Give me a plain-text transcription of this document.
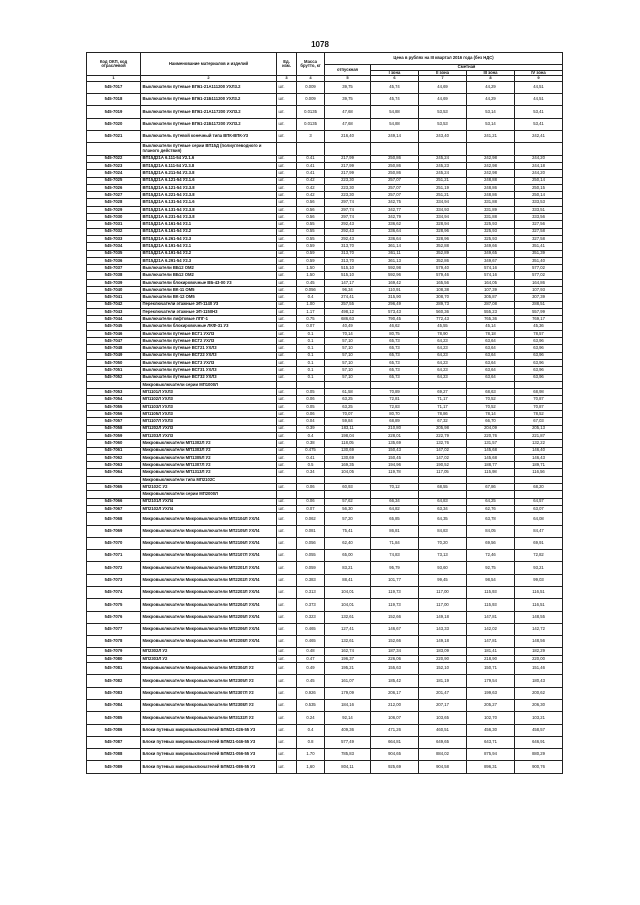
1078
Код ОКП, код отраслевой	Наименование материалов и изделий	Ед. изм.	Масса брутто, кг	Цена в рублях на III квартал 2016 года (без НДС)				
				отпускная	Сметная			
					I зона	II зона	III зона	IV зона
1	2	3	4	5	6	7	8	9
545-7017	Выключатели путевые ВП61-21А111200 УХЛ3.2	шт.	0.009	39,75	45,74	44,69	44,29	44,51
545-7018	Выключатели путевые ВП61-21Б111200 УХЛ3.2	шт.	0.009	39,75	45,74	44,69	44,29	44,51
545-7019	Выключатели путевые ВП61-21А117200 УХЛ3.2	шт.	0.0135	47,68	54,88	53,53	53,14	53,41
545-7020	Выключатели путевые ВП61-21Б117200 УХЛ3.2	шт.	0.0135	47,68	54,88	53,53	53,14	53,41
545-7021	Выключатель путевой конечный типа ВПК-ВПК-У3	шт.	3	216,40	249,14	243,40	241,21	242,41
	Выключатели путевые серии ВП15Д (полиуглеводного и планого действия)							
545-7022	ВП15Д21А 6.111-54 У2.1.6	шт.	0.41	217,99	250,86	245,24	242,98	244,20
545-7023	ВП15Д21А 6.111-54 У2.3.8	шт.	0.41	217,99	250,86	245,23	242,98	244,18
545-7024	ВП15Д21А 6.211-54 У2.3.8	шт.	0.41	217,99	250,86	245,24	242,98	244,20
545-7025	ВП15Д21А 6.121-54 У2.1.6	шт.	0.42	223,30	257,07	251,21	248,88	250,14
545-7026	ВП15Д21А 6.121-54 У2.3.8	шт.	0.42	223,30	257,07	251,19	248,86	250,15
545-7027	ВП15Д21А 6.221-54 У2.3.8	шт.	0.42	223,30	257,07	251,21	248,86	250,14
545-7028	ВП15Д21А 6.131-54 У2.1.6	шт.	0.56	297,74	342,75	334,94	331,88	333,53
545-7029	ВП15Д21А 6.131-54 У2.3.8	шт.	0.56	297,74	342,77	334,93	331,89	333,51
545-7030	ВП15Д21А 6.231-54 У2.3.8	шт.	0.56	297,74	342,79	334,94	331,88	333,56
545-7031	ВП15Д21А 6.161-54 У2.1	шт.	0.55	292,43	336,62	328,94	325,93	327,56
545-7032	ВП15Д21А 6.161-54 У2.2	шт.	0.55	292,43	336,64	328,96	325,93	327,58
545-7033	ВП15Д21А 6.261-54 У2.3	шт.	0.55	292,43	336,64	328,96	325,93	327,58
545-7034	ВП15Д21А 6.191-54 У2.1	шт.	0.59	313,70	361,14	352,88	349,66	351,41
545-7035	ВП15Д21А 6.191-54 У2.2	шт.	0.59	313,70	361,11	352,89	349,65	351,39
545-7036	ВП15Д21А 6.291-54 У2.3	шт.	0.59	313,70	361,13	352,86	349,67	351,40
545-7037	Выключатели ВБ12 ОМ2	шт.	1.50	515,10	592,98	579,40	574,16	577,02
545-7038	Выключатели ВБ12 ОМ2	шт.	1.50	515,10	592,96	579,46	574,16	577,02
545-7039	Выключатели блокировочные ВБ-43-00 У3	шт.	0.45	147,17	169,42	165,56	164,05	164,86
545-7040	Выключатели ВК-11 ОМ5	шт.	0.056	96,34	110,91	108,38	107,39	107,93
545-7041	Выключатели ВК-12 ОМ5	шт.	0.4	274,41	315,90	308,70	305,87	307,39
545-7042	Переключатели этажные ЭП-1140 У3	шт.	1.00	257,55	296,49	289,73	287,08	288,51
545-7043	Переключатели этажные ЭП-1150Н3	шт.	1.17	498,12	573,43	560,36	555,23	557,99
545-7044	Выключатели лифтовые ЛПГ-1	шт.	0.75	686,63	790,45	772,43	765,36	769,17
545-7045	Выключатели блокировочные ЛКФ-31 У3	шт.	0.07	40,49	46,62	45,55	45,14	45,36
545-7046	Выключатели путевые ВСГ1 УХЛ3	шт.	0.1	70,14	80,75	78,90	78,18	78,57
545-7047	Выключатели путевые ВСГ2 УХЛ3	шт.	0.1	57,10	65,73	64,23	63,64	63,96
545-7048	Выключатели путевые ВСГ21 УХЛ3	шт.	0.1	57,10	65,73	64,23	63,64	63,96
545-7049	Выключатели путевые ВСГ22 УХЛ3	шт.	0.1	57,10	65,73	64,23	63,64	63,96
545-7050	Выключатели путевые ВСГ3 УХЛ3	шт.	0.1	57,10	65,73	64,23	63,64	63,96
545-7051	Выключатели путевые ВСГ31 УХЛ3	шт.	0.1	57,10	65,73	64,23	63,64	63,96
545-7052	Выключатели путевые ВСГ32 УХЛ3	шт.	0.1	57,10	65,73	64,23	63,64	63,96
	Микровыключатели серии МП1000Л							
545-7053	МП1101Л УХЛ3	шт.	0.05	61,58	70,89	69,27	68,63	68,98
545-7054	МП1102Л УХЛ3	шт.	0.06	63,25	72,81	71,17	70,52	70,87
545-7055	МП1103Л УХЛ3	шт.	0.05	63,25	72,83	71,17	70,52	70,87
545-7056	МП1105Л УХЛ3	шт.	0.06	70,07	80,70	78,86	78,14	78,52
545-7057	МП1107Л УХЛ3	шт.	0.04	59,84	68,89	67,32	66,70	67,03
545-7058	МП1202Л УХЛ3	шт.	0.39	183,11	210,80	205,98	204,09	205,13
545-7059	МП1203Л УХЛ3	шт.	0.4	198,04	228,01	222,79	220,76	221,87
545-7060	Микровыключатели МП1302Л У2	шт.	0.38	118,05	135,69	132,76	131,57	132,22
545-7061	Микровыключатели МП1303Л У2	шт.	0.475	130,69	150,43	147,02	145,68	146,40
545-7062	Микровыключатели МП1305Л У2	шт.	0.41	130,69	150,45	147,02	145,68	146,43
545-7063	Микровыключатели МП1307Л У2	шт.	0.5	169,35	194,96	190,52	188,77	189,71
545-7064	Микровыключатели МП1313Л У2	шт.	0.34	104,05	119,78	117,05	115,98	116,56
	Микровыключатели типа МП2102С							
545-7065	МП2102С У2	шт.	0.06	60,93	70,12	68,55	67,86	68,20
	Микровыключатели серии МП2000Л							
545-7066	МП2101Л УХЛ4	шт.	0.06	57,62	66,34	64,83	64,25	64,57
545-7067	МП2102Л УХЛ4	шт.	0.07	56,30	64,82	63,34	62,76	63,07
545-7068	Микровыключатели Микровыключатели МП2104Л УХЛ4	шт.	0.062	57,20	65,85	64,35	63,78	64,08
545-7069	Микровыключатели Микровыключатели МП2105Л УХЛ4	шт.	0.081	75,41	86,81	84,83	84,05	84,47
545-7070	Микровыключатели Микровыключатели МП2106Л УХЛ4	шт.	0.056	62,40	71,84	70,20	69,56	69,91
545-7071	Микровыключатели Микровыключатели МП2107Л УХЛ4	шт.	0.055	65,00	74,83	73,13	72,46	72,82
545-7072	Микровыключатели Микровыключатели МП2201Л УХЛ4	шт.	0.059	83,21	95,79	93,60	92,75	93,21
545-7073	Микровыключатели Микровыключатели МП2202Л УХЛ4	шт.	0.383	88,41	101,77	99,45	98,54	99,03
545-7074	Микровыключатели Микровыключатели МП2203Л УХЛ4	шт.	0.313	104,01	119,73	117,00	115,93	116,51
545-7075	Микровыключатели Микровыключатели МП2204Л УХЛ4	шт.	0.373	104,01	119,73	117,00	115,93	116,51
545-7076	Микровыключатели Микровыключатели МП2205Л УХЛ4	шт.	0.323	132,61	152,66	149,18	147,81	148,55
545-7077	Микровыключатели Микровыключатели МП2206Л УХЛ4	шт.	0.465	127,41	146,67	143,33	142,02	142,72
545-7078	Микровыключатели Микровыключатели МП2208Л УХЛ4	шт.	0.465	132,61	152,66	149,18	147,81	148,56
545-7079	МП2302Л У2	шт.	0.48	162,74	187,34	183,09	181,41	182,29
545-7080	МП2303Л У2	шт.	0.47	196,37	226,06	220,90	218,90	220,00
545-7081	Микровыключатели Микровыключатели МП2304Л У2	шт.	0.49	195,21	155,63	152,10	150,71	151,46
545-7082	Микровыключатели Микровыключатели МП2305Л У2	шт.	0.45	161,07	185,42	181,19	179,54	180,43
545-7083	Микровыключатели Микровыключатели МП2307Л У2	шт.	0.926	179,09	206,17	201,47	199,63	200,62
545-7084	Микровыключатели Микровыключатели МП2308Л У2	шт.	0.535	184,16	212,00	207,17	205,27	206,30
545-7085	Микровыключатели Микровыключатели МП3132Л У2	шт.	0.24	92,14	106,07	103,65	102,70	103,21
545-7086	Блоки путевых микровыключателей БПМ21-026-55 У3	шт.	0.4	409,36	471,26	460,51	456,30	458,57
545-7087	Блоки путевых микровыключателей БПМ21-046-55 У3	шт.	0.8	577,49	664,81	649,65	643,71	646,91
545-7088	Блоки путевых микровыключателей БПМ21-056-55 У3	шт.	1.70	785,83	904,65	884,02	875,94	880,29
545-7089	Блоки путевых микровыключателей БПМ21-086-55 У3	шт.	1,60	804,11	925,69	904,58	896,31	900,76
